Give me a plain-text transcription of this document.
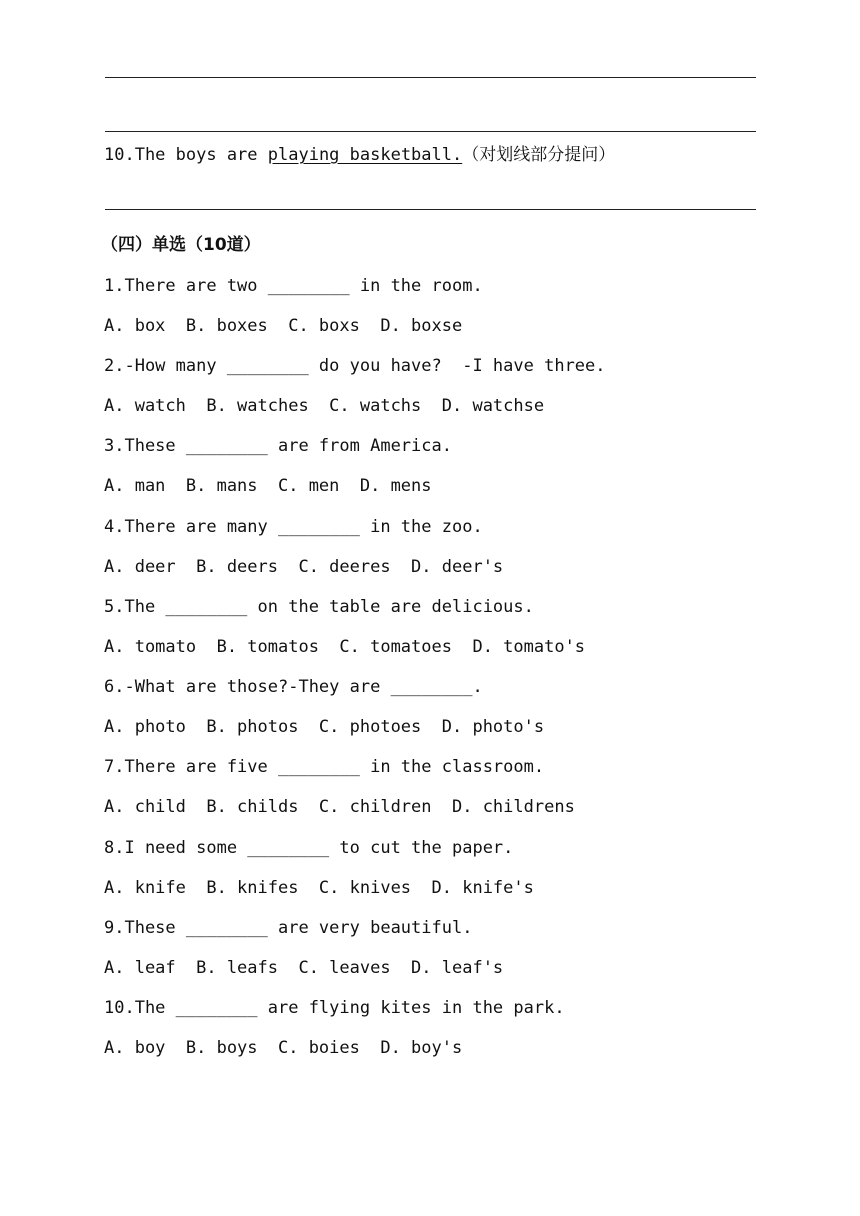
10.The boys are playing basketball.（对划线部分提问）
（四）单选（10道）
1.There are two ________ in the room.
A. box  B. boxes  C. boxs  D. boxse
2.-How many ________ do you have?  -I have three.
A. watch  B. watches  C. watchs  D. watchse
3.These ________ are from America.
A. man  B. mans  C. men  D. mens
4.There are many ________ in the zoo.
A. deer  B. deers  C. deeres  D. deer's
5.The ________ on the table are delicious.
A. tomato  B. tomatos  C. tomatoes  D. tomato's
6.-What are those?-They are ________.
A. photo  B. photos  C. photoes  D. photo's
7.There are five ________ in the classroom.
A. child  B. childs  C. children  D. childrens
8.I need some ________ to cut the paper.
A. knife  B. knifes  C. knives  D. knife's
9.These ________ are very beautiful.
A. leaf  B. leafs  C. leaves  D. leaf's
10.The ________ are flying kites in the park.
A. boy  B. boys  C. boies  D. boy's
